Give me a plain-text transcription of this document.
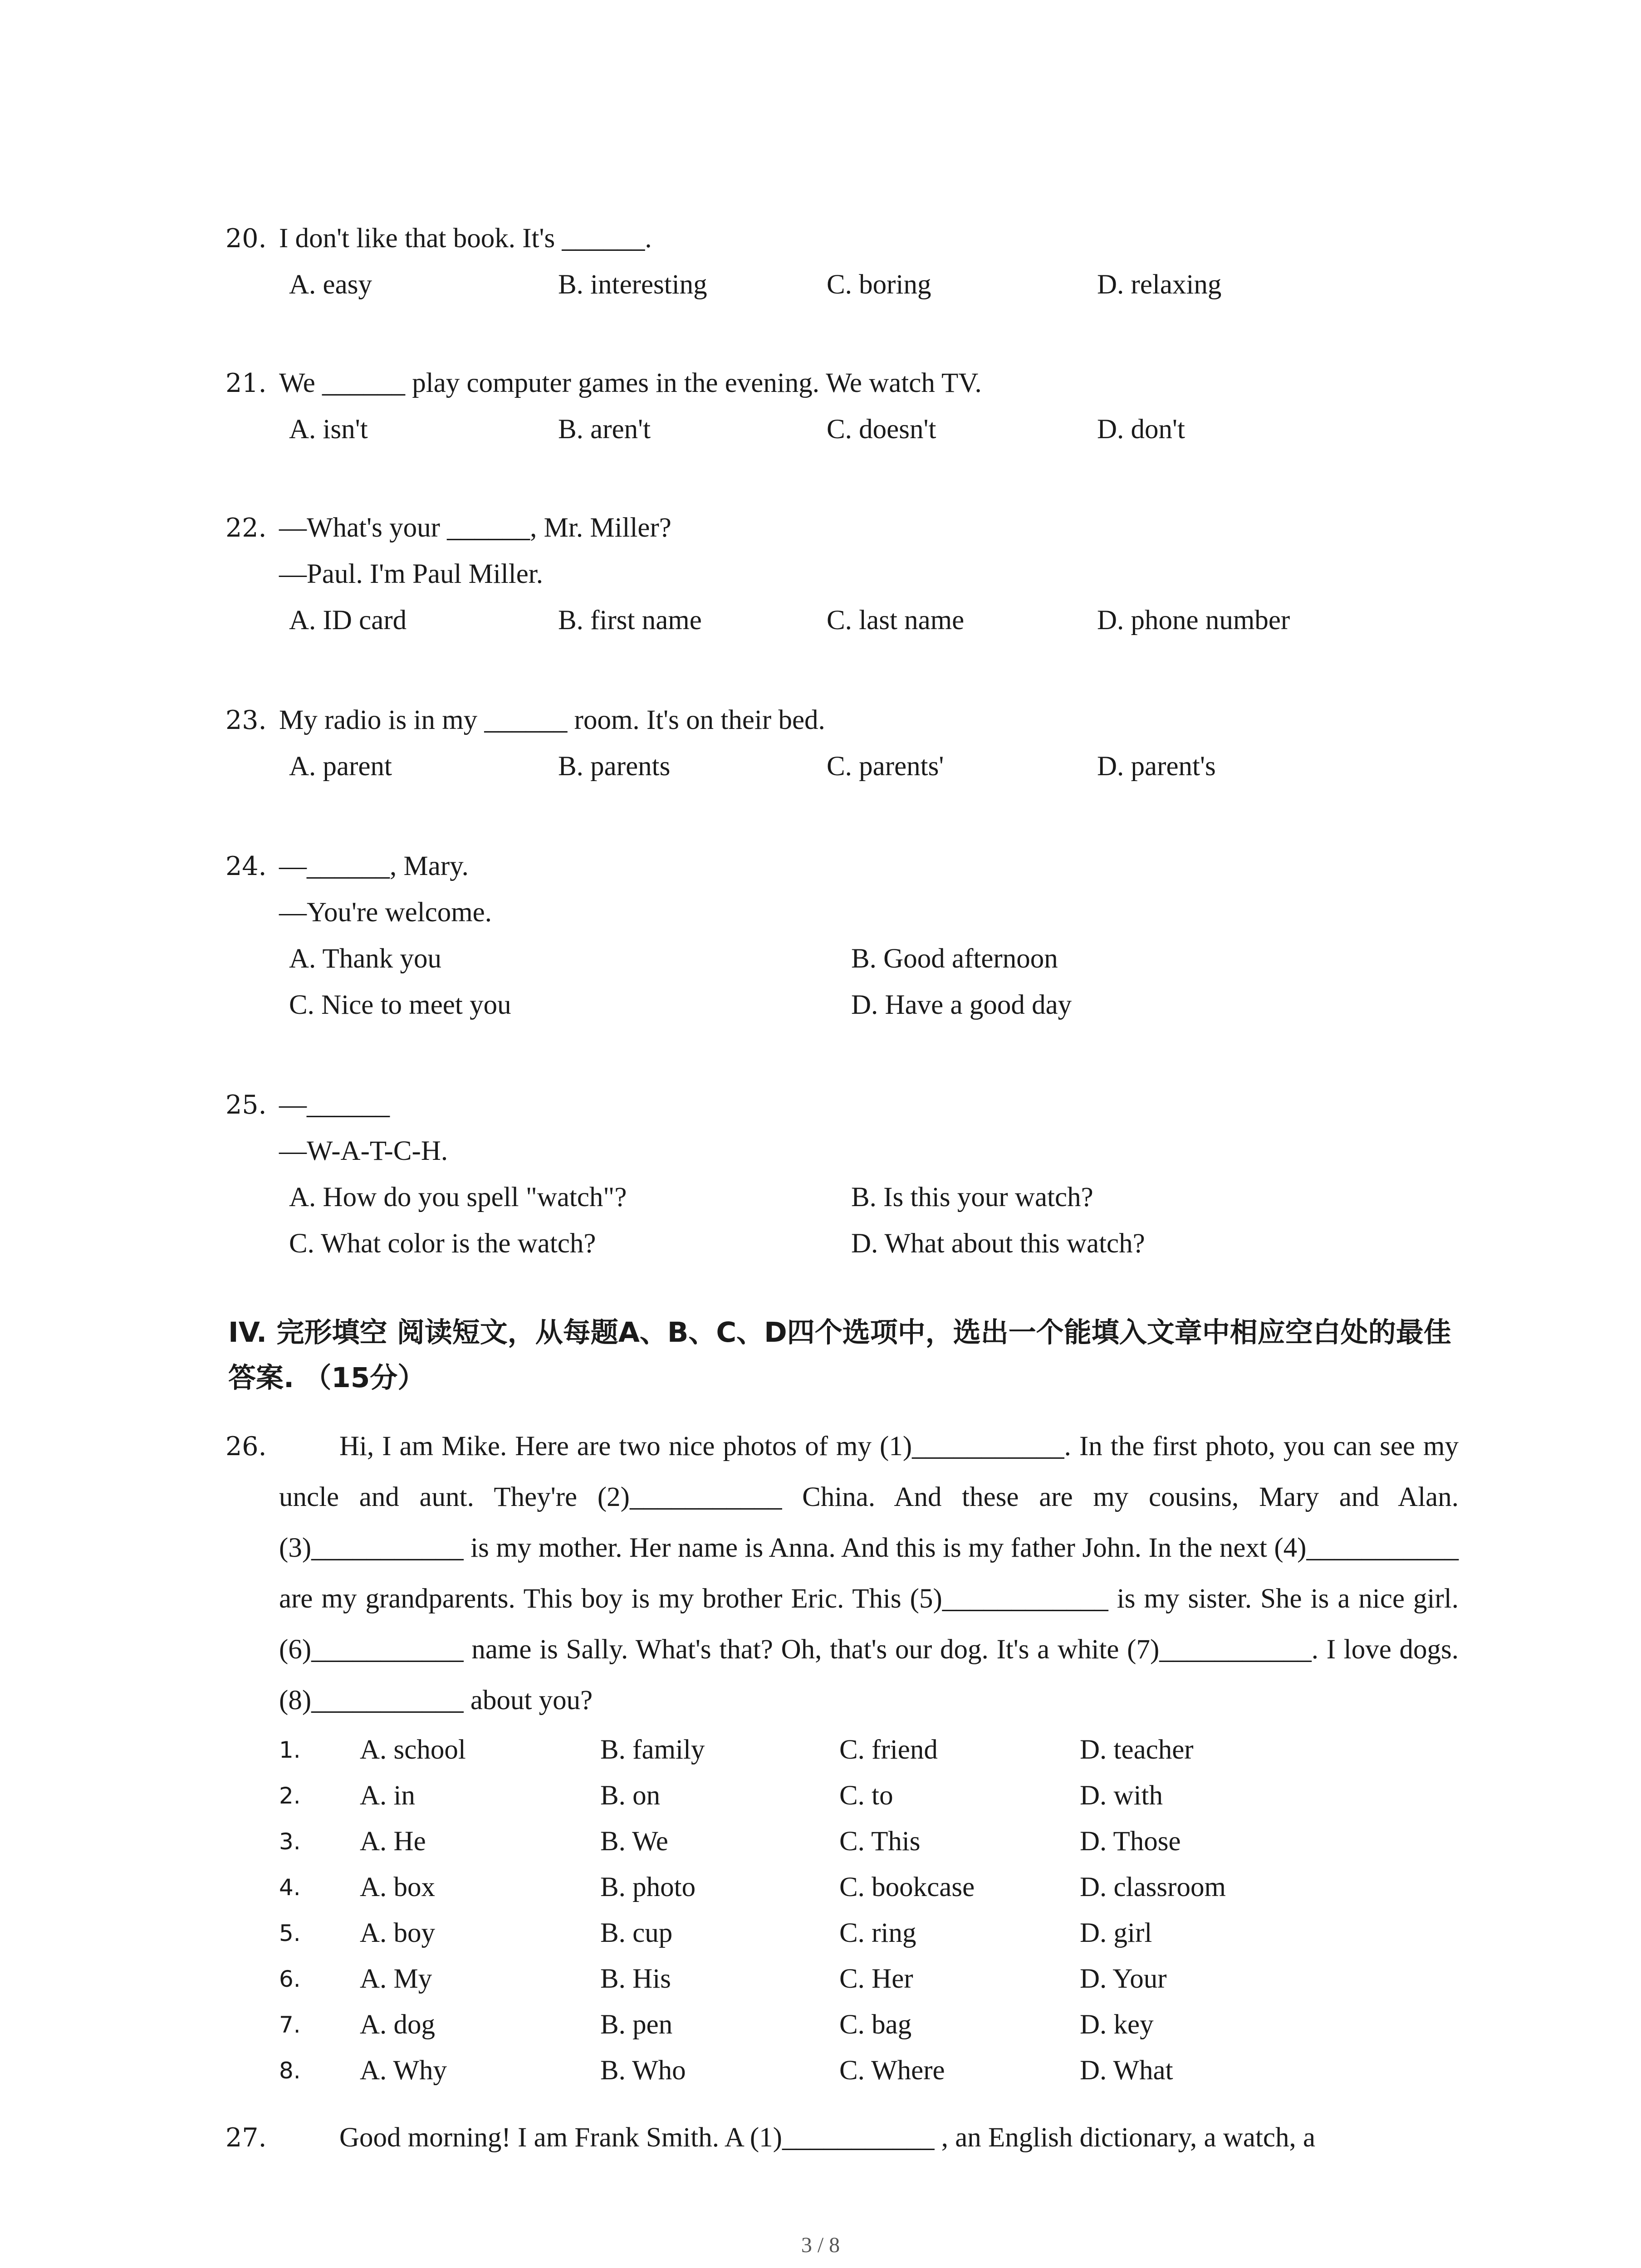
20. I don't like that book. It's ______.
A. easy	B. interesting	C. boring	D. relaxing
21. We ______ play computer games in the evening. We watch TV.
A. isn't	B. aren't	C. doesn't	D. don't
22. —What's your ______, Mr. Miller?
—Paul. I'm Paul Miller.
A. ID card	B. first name	C. last name	D. phone number
23. My radio is in my ______ room. It's on their bed.
A. parent	B. parents	C. parents'	D. parent's
24. —______, Mary.
—You're welcome.
A. Thank you	B. Good afternoon
C. Nice to meet you	D. Have a good day
25. —______
—W-A-T-C-H.
A. How do you spell "watch"?	B. Is this your watch?
C. What color is the watch?	D. What about this watch?
IV. 完形填空 阅读短文，从每题A、B、C、D四个选项中，选出一个能填入文章中相应空白处的最佳答案. （15分）
26.	Hi, I am Mike. Here are two nice photos of my (1)___________. In the first photo, you can see my uncle and aunt. They're (2)___________ China. And these are my cousins, Mary and Alan. (3)___________ is my mother. Her name is Anna. And this is my father John. In the next (4)___________ are my grandparents. This boy is my brother Eric. This (5)____________ is my sister. She is a nice girl. (6)___________ name is Sally. What's that? Oh, that's our dog. It's a white (7)___________. I love dogs. (8)___________ about you?
1. A. school	B. family	C. friend	D. teacher
2. A. in	B. on	C. to	D. with
3. A. He	B. We	C. This	D. Those
4. A. box	B. photo	C. bookcase	D. classroom
5. A. boy	B. cup	C. ring	D. girl
6. A. My	B. His	C. Her	D. Your
7. A. dog	B. pen	C. bag	D. key
8. A. Why	B. Who	C. Where	D. What
27.	Good morning! I am Frank Smith. A (1)___________ , an English dictionary, a watch, a
3 / 8
